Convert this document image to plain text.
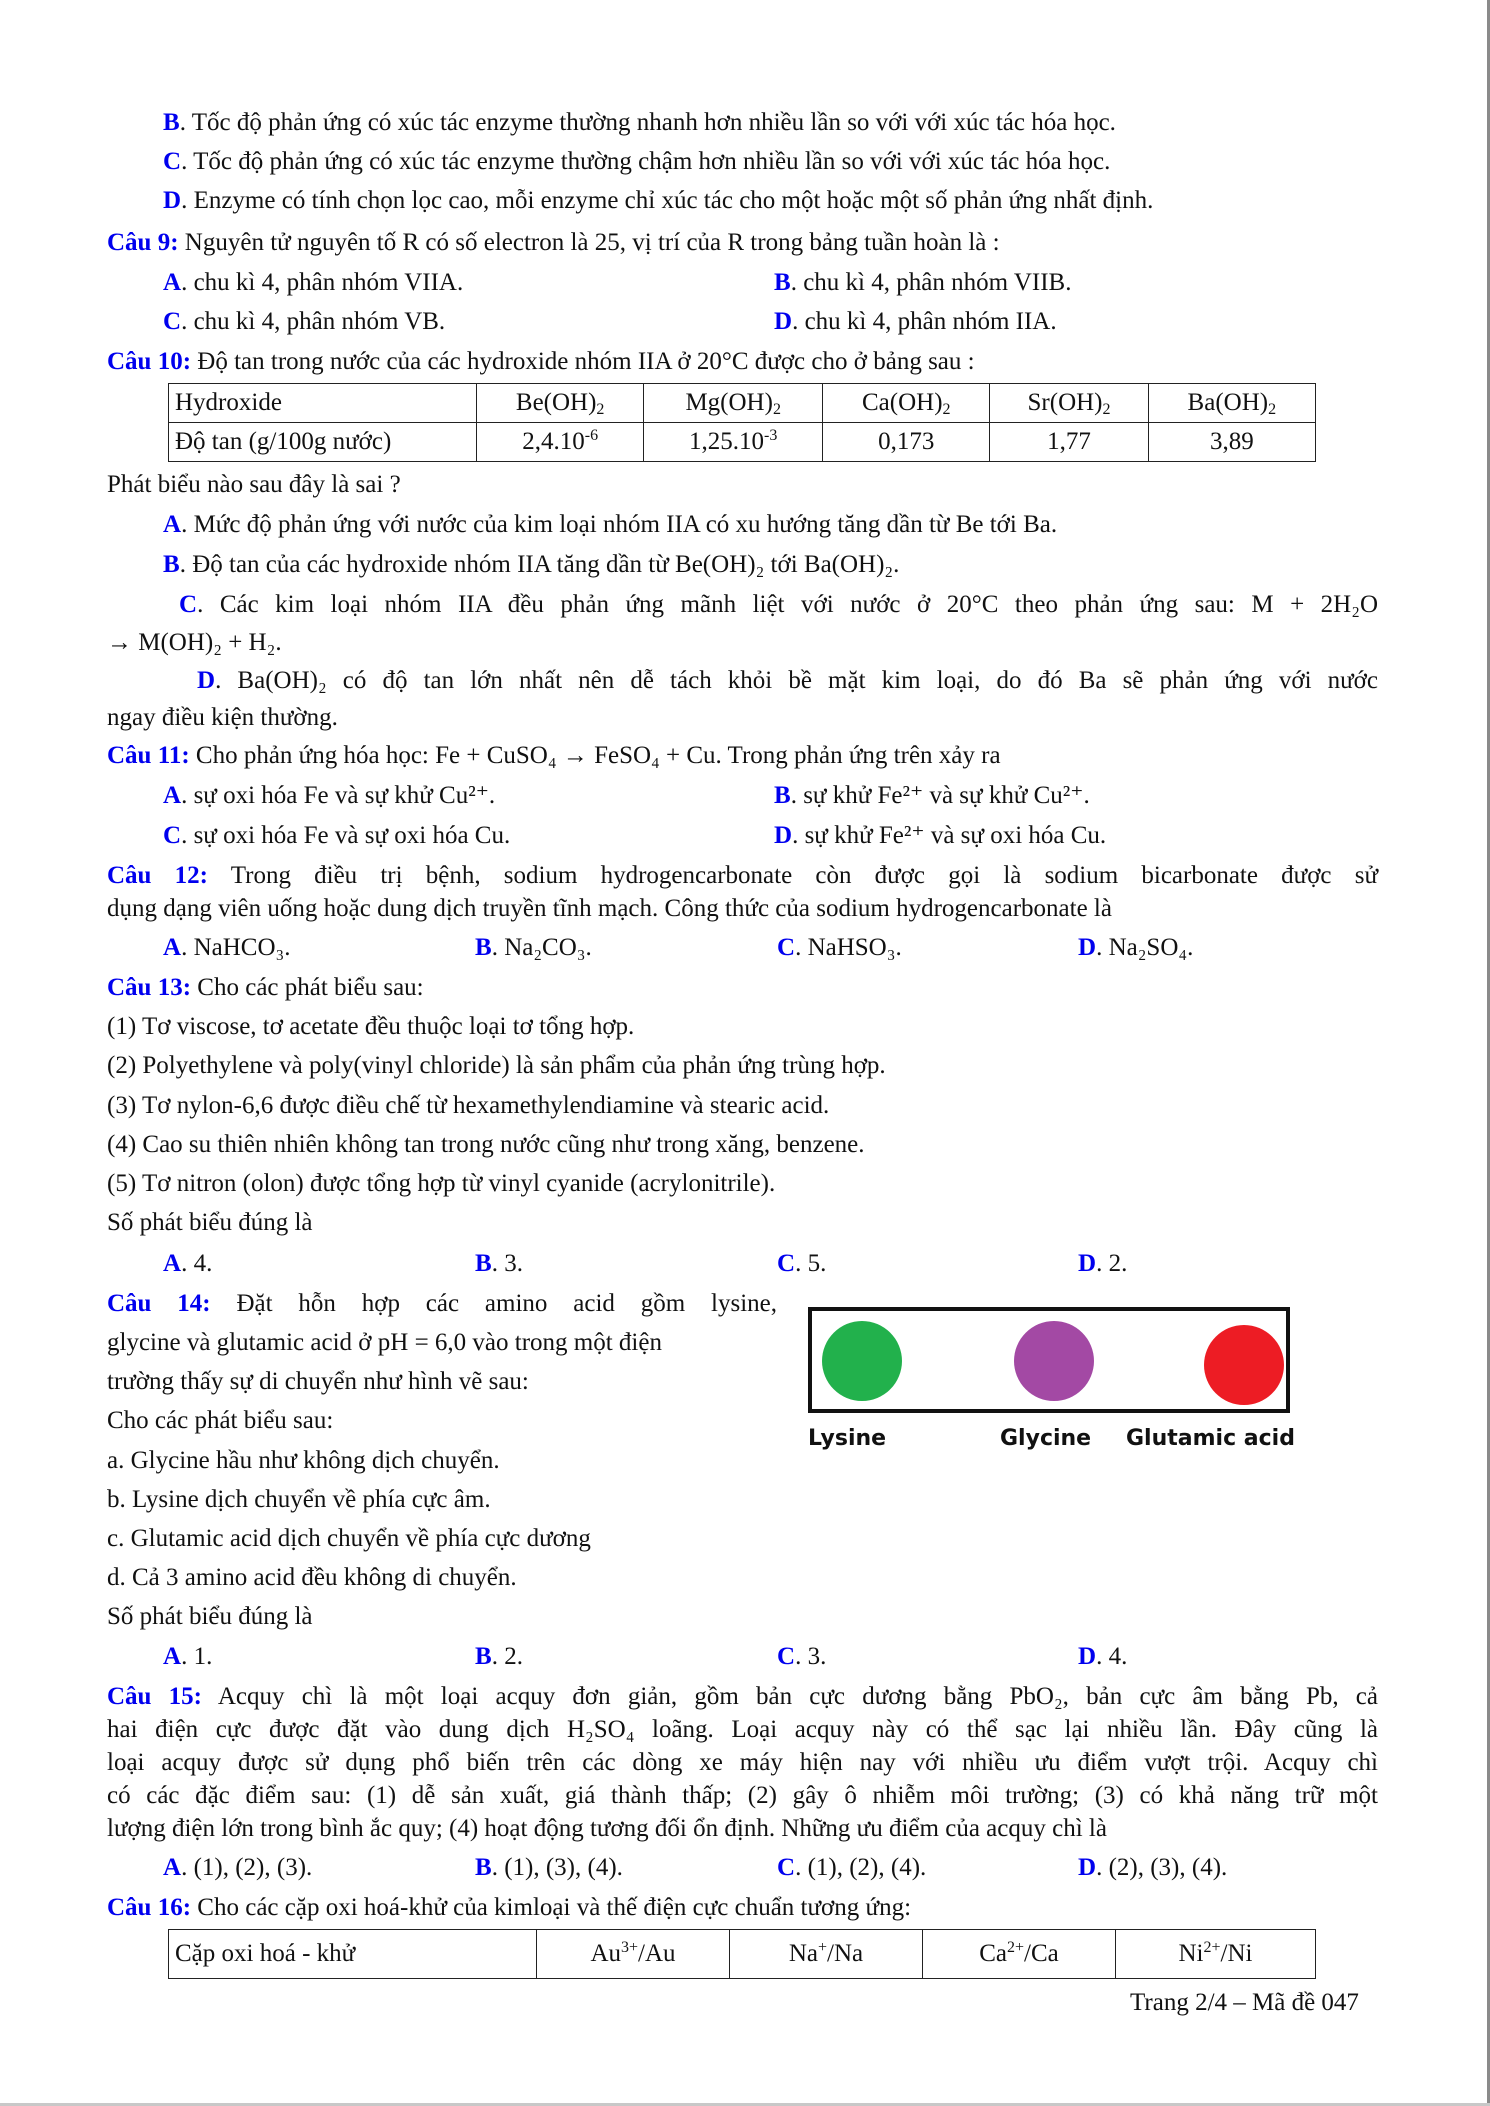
B. Tốc độ phản ứng có xúc tác enzyme thường nhanh hơn nhiều lần so với với xúc tác hóa học.
C. Tốc độ phản ứng có xúc tác enzyme thường chậm hơn nhiều lần so với với xúc tác hóa học.
D. Enzyme có tính chọn lọc cao, mỗi enzyme chỉ xúc tác cho một hoặc một số phản ứng nhất định.
Câu 9: Nguyên tử nguyên tố R có số electron là 25, vị trí của R trong bảng tuần hoàn là :
A. chu kì 4, phân nhóm VIIA.	B. chu kì 4, phân nhóm VIIB.
C. chu kì 4, phân nhóm VB.	D. chu kì 4, phân nhóm IIA.
Câu 10: Độ tan trong nước của các hydroxide nhóm IIA ở 20°C được cho ở bảng sau :
Hydroxide	$Be(OH)_2$	$Mg(OH)_2$	$Ca(OH)_2$	$Sr(OH)_2$	$Ba(OH)_2$
Độ tan (g/100g nước)	$2,4.10^{-6}$	$1,25.10^{-3}$	0,173	1,77	3,89
Phát biểu nào sau đây là sai ?
A. Mức độ phản ứng với nước của kim loại nhóm IIA có xu hướng tăng dần từ Be tới Ba.
B. Độ tan của các hydroxide nhóm IIA tăng dần từ Be(OH)₂ tới Ba(OH)₂.
C. Các kim loại nhóm IIA đều phản ứng mãnh liệt với nước ở 20°C theo phản ứng sau: M + 2H₂O
→ M(OH)₂ + H₂.
D. Ba(OH)₂ có độ tan lớn nhất nên dễ tách khỏi bề mặt kim loại, do đó Ba sẽ phản ứng với nước
ngay điều kiện thường.
Câu 11: Cho phản ứng hóa học: Fe + CuSO₄ → FeSO₄ + Cu. Trong phản ứng trên xảy ra
A. sự oxi hóa Fe và sự khử Cu²⁺.	B. sự khử Fe²⁺ và sự khử Cu²⁺.
C. sự oxi hóa Fe và sự oxi hóa Cu.	D. sự khử Fe²⁺ và sự oxi hóa Cu.
Câu 12: Trong điều trị bệnh, sodium hydrogencarbonate còn được gọi là sodium bicarbonate được sử
dụng dạng viên uống hoặc dung dịch truyền tĩnh mạch. Công thức của sodium hydrogencarbonate là
A. NaHCO₃.	B. Na₂CO₃.	C. NaHSO₃.	D. Na₂SO₄.
Câu 13: Cho các phát biểu sau:
(1) Tơ viscose, tơ acetate đều thuộc loại tơ tổng hợp.
(2) Polyethylene và poly(vinyl chloride) là sản phẩm của phản ứng trùng hợp.
(3) Tơ nylon-6,6 được điều chế từ hexamethylendiamine và stearic acid.
(4) Cao su thiên nhiên không tan trong nước cũng như trong xăng, benzene.
(5) Tơ nitron (olon) được tổng hợp từ vinyl cyanide (acrylonitrile).
Số phát biểu đúng là
A. 4.	B. 3.	C. 5.	D. 2.
Câu 14: Đặt hỗn hợp các amino acid gồm lysine,
glycine và glutamic acid ở pH = 6,0 vào trong một điện
trường thấy sự di chuyển như hình vẽ sau:
Cho các phát biểu sau:
a. Glycine hầu như không dịch chuyển.
b. Lysine dịch chuyển về phía cực âm.
c. Glutamic acid dịch chuyển về phía cực dương
d. Cả 3 amino acid đều không di chuyển.
Số phát biểu đúng là
Lysine	Glycine Glutamic acid
A. 1.	B. 2.	C. 3.	D. 4.
Câu 15: Acquy chì là một loại acquy đơn giản, gồm bản cực dương bằng PbO₂, bản cực âm bằng Pb, cả
hai điện cực được đặt vào dung dịch H₂SO₄ loãng. Loại acquy này có thể sạc lại nhiều lần. Đây cũng là
loại acquy được sử dụng phổ biến trên các dòng xe máy hiện nay với nhiều ưu điểm vượt trội. Acquy chì
có các đặc điểm sau: (1) dễ sản xuất, giá thành thấp; (2) gây ô nhiễm môi trường; (3) có khả năng trữ một
lượng điện lớn trong bình ắc quy; (4) hoạt động tương đối ổn định. Những ưu điểm của acquy chì là
A. (1), (2), (3).	B. (1), (3), (4).	C. (1), (2), (4).	D. (2), (3), (4).
Câu 16: Cho các cặp oxi hoá-khử của kimloại và thế điện cực chuẩn tương ứng:
Cặp oxi hoá - khử	$Au^{3+}/Au$	Na+/Na	$Ca^{2+}/Ca$	$Ni^{2+}/Ni$
Trang 2/4 – Mã đề 047
